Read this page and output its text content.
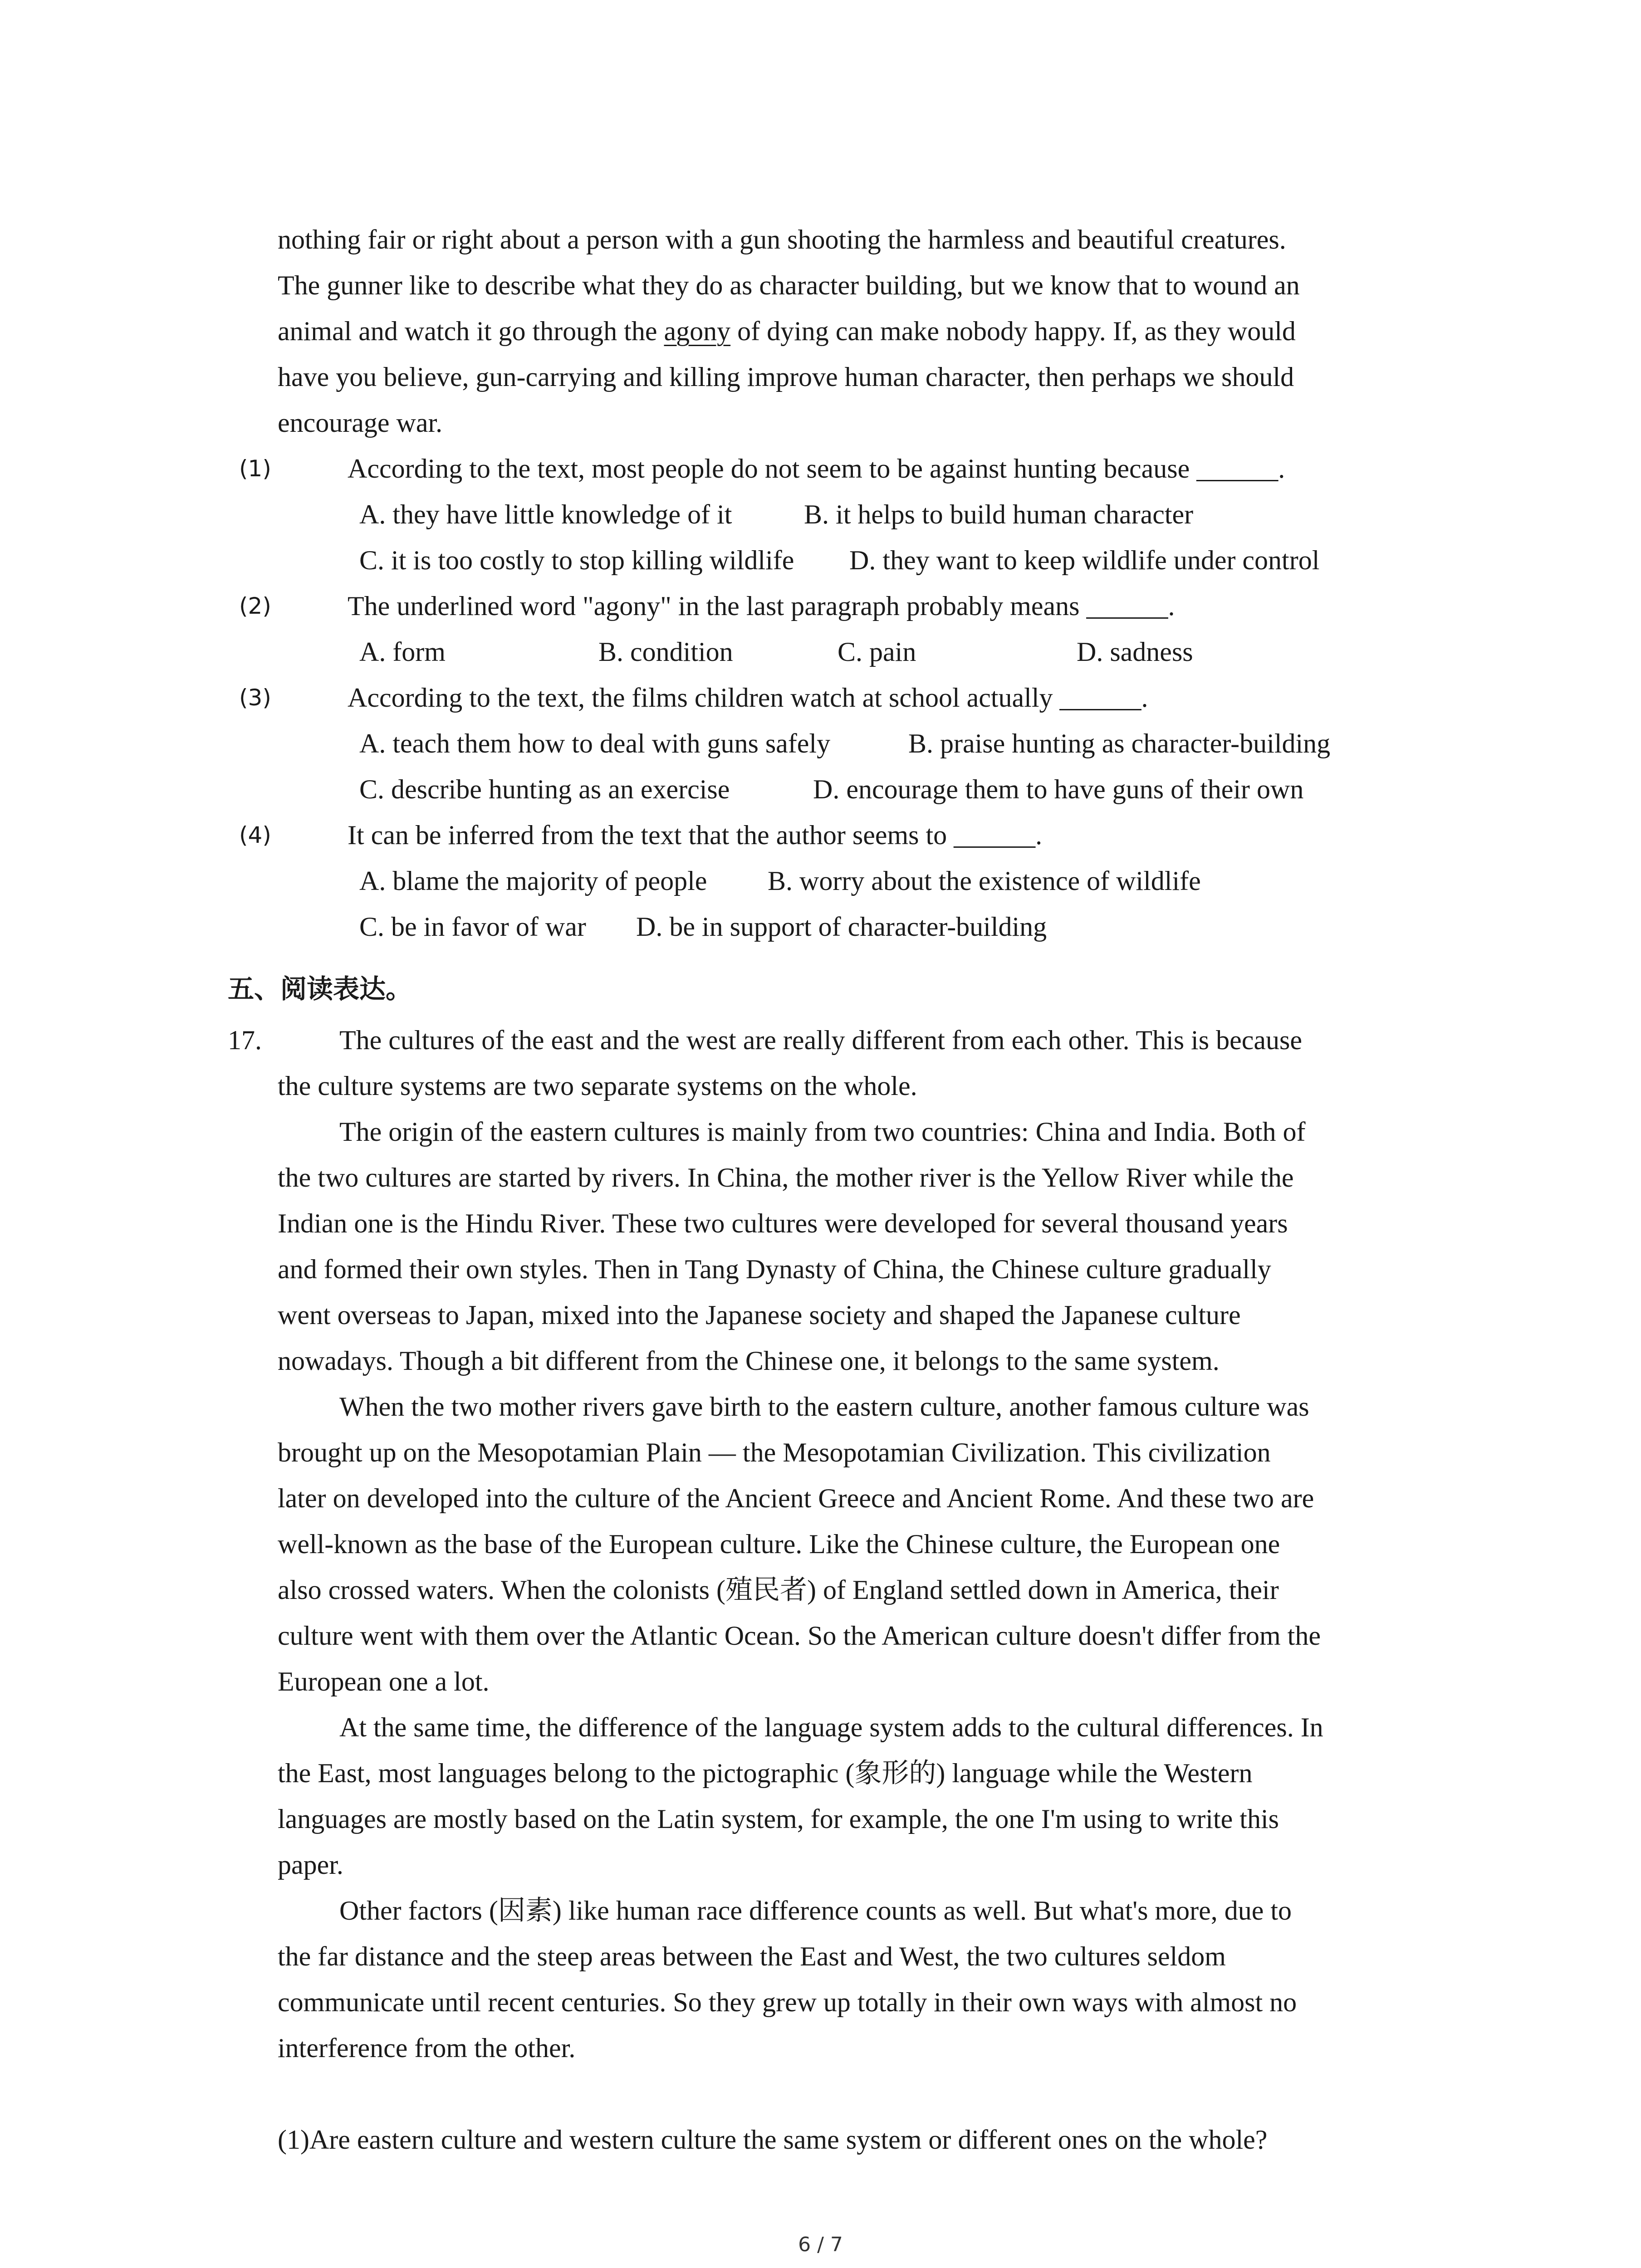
nothing fair or right about a person with a gun shooting the harmless and beautiful creatures.
The gunner like to describe what they do as character building, but we know that to wound an
animal and watch it go through the agony of dying can make nobody happy. If, as they would
have you believe, gun-carrying and killing improve human character, then perhaps we should
encourage war.
(1)	According to the text, most people do not seem to be against hunting because ______.
A. they have little knowledge of it	B. it helps to build human character
C. it is too costly to stop killing wildlife D. they want to keep wildlife under control
(2)	The underlined word "agony" in the last paragraph probably means ______.
A. form	B. condition	C. pain	D. sadness
(3)	According to the text, the films children watch at school actually ______.
A. teach them how to deal with guns safely	B. praise hunting as character-building
C. describe hunting as an exercise	D. encourage them to have guns of their own
(4)	It can be inferred from the text that the author seems to ______.
A. blame the majority of people B. worry about the existence of wildlife
C. be in favor of war D. be in support of character-building
五、阅读表达。
17.	The cultures of the east and the west are really different from each other. This is because
the culture systems are two separate systems on the whole.
The origin of the eastern cultures is mainly from two countries: China and India. Both of
the two cultures are started by rivers. In China, the mother river is the Yellow River while the
Indian one is the Hindu River. These two cultures were developed for several thousand years
and formed their own styles. Then in Tang Dynasty of China, the Chinese culture gradually
went overseas to Japan, mixed into the Japanese society and shaped the Japanese culture
nowadays. Though a bit different from the Chinese one, it belongs to the same system.
When the two mother rivers gave birth to the eastern culture, another famous culture was
brought up on the Mesopotamian Plain — the Mesopotamian Civilization. This civilization
later on developed into the culture of the Ancient Greece and Ancient Rome. And these two are
well-known as the base of the European culture. Like the Chinese culture, the European one
also crossed waters. When the colonists (殖民者) of England settled down in America, their
culture went with them over the Atlantic Ocean. So the American culture doesn't differ from the
European one a lot.
At the same time, the difference of the language system adds to the cultural differences. In
the East, most languages belong to the pictographic (象形的) language while the Western
languages are mostly based on the Latin system, for example, the one I'm using to write this
paper.
Other factors (因素) like human race difference counts as well. But what's more, due to
the far distance and the steep areas between the East and West, the two cultures seldom
communicate until recent centuries. So they grew up totally in their own ways with almost no
interference from the other.
(1)Are eastern culture and western culture the same system or different ones on the whole?
6 / 7
